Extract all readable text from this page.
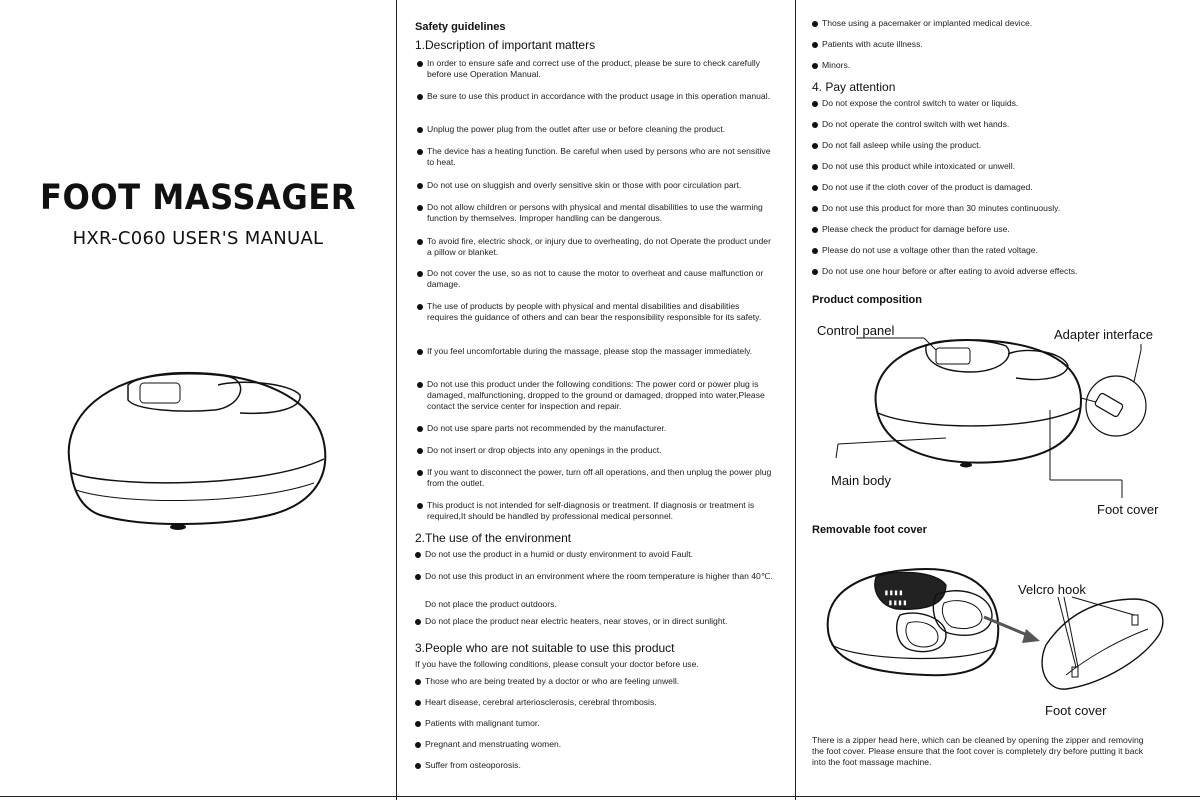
FOOT MASSAGER
HXR-C060 USER'S MANUAL
Safety guidelines
1.Description of important matters
In order to ensure safe and correct use of the product, please be sure to check carefully before use Operation Manual.
Be sure to use this product in accordance with the product usage in this operation manual.
Unplug the power plug from the outlet after use or before cleaning the product.
The device has a heating function. Be careful when used by persons who are not sensitive to heat.
Do not use on sluggish and overly sensitive skin or those with poor circulation part.
Do not allow children or persons with physical and mental disabilities to use the warming function by themselves. Improper handling can be dangerous.
To avoid fire, electric shock, or injury due to overheating, do not Operate the product under a pillow or blanket.
Do not cover the use, so as not to cause the motor to overheat and cause malfunction or damage.
The use of products by people with physical and mental disabilities and disabilities requires the guidance of others and can bear the responsibility responsible for its safety.
If you feel uncomfortable during the massage, please stop the massager immediately.
Do not use this product under the following conditions: The power cord or power plug is damaged, malfunctioning, dropped to the ground or damaged, dropped into water,Please contact the service center for inspection and repair.
Do not use spare parts not recommended by the manufacturer.
Do not insert or drop objects into any openings in the product.
If you want to disconnect the power, turn off all operations, and then unplug the power plug from the outlet.
This product is not intended for self-diagnosis or treatment. If diagnosis or treatment is required,It should be handled by professional medical personnel.
2.The use of the environment
Do not use the product in a humid or dusty environment to avoid Fault.
Do not use this product in an environment where the room temperature is higher than 40℃.
Do not place the product outdoors.
Do not place the product near electric heaters, near stoves, or in direct sunlight.
3.People who are not suitable to use this product
If you have the following conditions, please consult your doctor before use.
Those who are being treated by a doctor or who are feeling unwell.
Heart disease, cerebral arteriosclerosis, cerebral thrombosis.
Patients with malignant tumor.
Pregnant and menstruating women.
Suffer from osteoporosis.
Those using a pacemaker or implanted medical device.
Patients with acute illness.
Minors.
4. Pay attention
Do not expose the control switch to water or liquids.
Do not operate the control switch with wet hands.
Do not fall asleep while using the product.
Do not use this product while intoxicated or unwell.
Do not use if the cloth cover of the product is damaged.
Do not use this product for more than 30 minutes continuously.
Please check the product for damage before use.
Please do not use a voltage other than the rated voltage.
Do not use one hour before or after eating to avoid adverse effects.
Product composition
Control panel	Adapter interface
Main body
Foot cover
Removable foot cover
▮▮▮▮
▮▮▮▮
Velcro hook
Foot cover
There is a zipper head here, which can be cleaned by opening the zipper and removing the foot cover. Please ensure that the foot cover is completely dry before putting it back into the foot massage machine.
